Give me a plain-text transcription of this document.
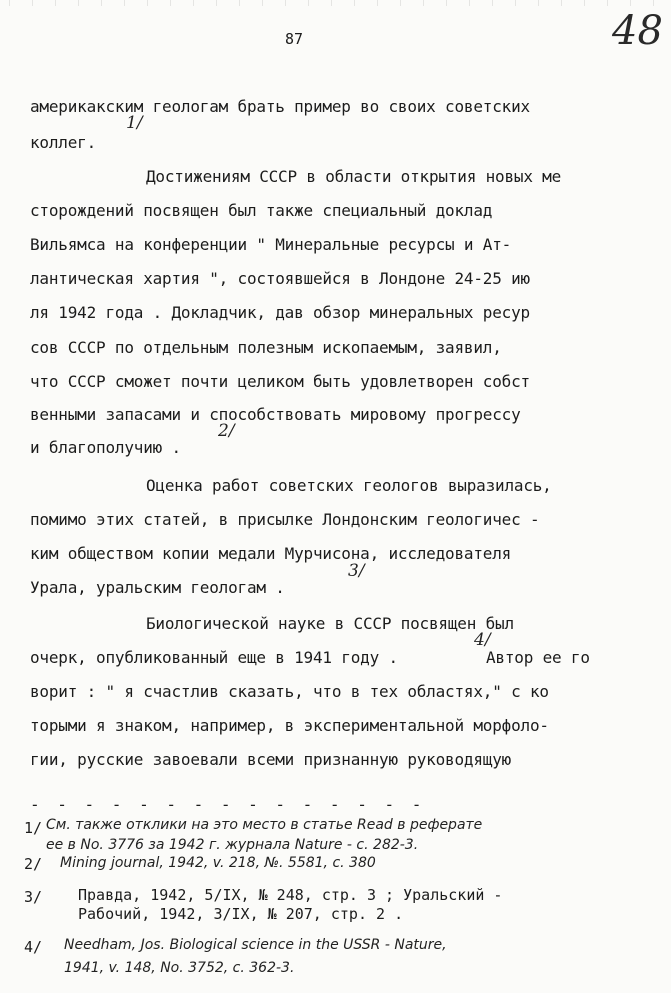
87	48
америкакским геологам брать пример во своих советских
коллег.
Достижениям СССР в области открытия новых ме
сторождений посвящен был также специальный доклад
Вильямса на конференции " Минеральные ресурсы и Ат-
лантическая хартия ", состоявшейся в Лондоне 24-25 ию
ля 1942 года . Докладчик, дав обзор минеральных ресур
сов СССР по отдельным полезным ископаемым, заявил,
что СССР сможет почти целиком быть удовлетворен собст
венными запасами и способствовать мировому прогрессу
и благополучию .
Оценка работ советских геологов выразилась,
помимо этих статей, в присылке Лондонским геологичес -
ким обществом копии медали Мурчисона, исследователя
Урала, уральским геологам .
Биологической науке в СССР посвящен был
очерк, опубликованный еще в 1941 году .	Автор ее го
ворит : " я счастлив сказать, что в тех областях," с ко
торыми я знаком, например, в экспериментальной морфоло-
гии, русские завоевали всеми признанную руководящую
1/
2/
3/
4/
- - - - - - - - - - - - - - -
1/ См. также отклики на это место в статье Read в реферате
ее в No. 3776 за 1942 г. журнала Nature - с. 282-3.
2/ Mining journal, 1942, v. 218, №. 5581, с. 380
3/ Правда, 1942, 5/IX, № 248, стр. 3 ; Уральский -
Рабочий, 1942, 3/IX, № 207, стр. 2 .
4/ Needham, Jos. Biological science in the USSR - Nature,
1941, v. 148, No. 3752, с. 362-3.
